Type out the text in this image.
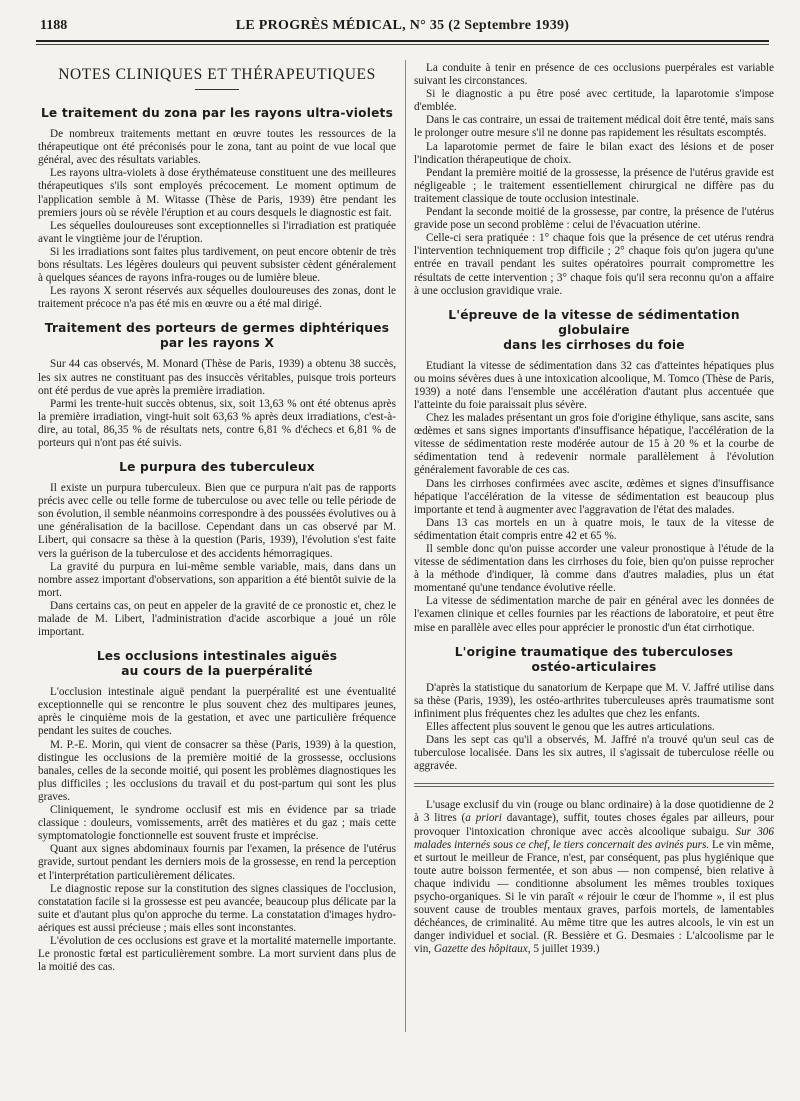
1188	LE PROGRÈS MÉDICAL, N° 35 (2 Septembre 1939)
NOTES CLINIQUES ET THÉRAPEUTIQUES
Le traitement du zona par les rayons ultra-violets

De nombreux traitements mettant en œuvre toutes les ressources de la thérapeutique ont été préconisés pour le zona, tant au point de vue local que général, avec des résultats variables.

Les rayons ultra-violets à dose érythémateuse constituent une des meilleures thérapeutiques s'ils sont employés précocement. Le moment optimum de l'application semble à M. Witasse (Thèse de Paris, 1939) être pendant les premiers jours où se révèle l'éruption et au cours desquels le diagnostic est fait.

Les séquelles douloureuses sont exceptionnelles si l'irradiation est pratiquée avant le vingtième jour de l'éruption.

Si les irradiations sont faites plus tardivement, on peut encore obtenir de très bons résultats. Les légères douleurs qui peuvent subsister cèdent généralement à quelques séances de rayons infra-rouges ou de lumière bleue.

Les rayons X seront réservés aux séquelles douloureuses des zonas, dont le traitement précoce n'a pas été mis en œuvre ou a été mal dirigé.

Traitement des porteurs de germes diphtériques
par les rayons X

Sur 44 cas observés, M. Monard (Thèse de Paris, 1939) a obtenu 38 succès, les six autres ne constituant pas des insuccès véritables, puisque trois porteurs ont été perdus de vue après la première irradiation.

Parmi les trente-huit succès obtenus, six, soit 13,63 % ont été obtenus après la première irradiation, vingt-huit soit 63,63 % après deux irradiations, c'est-à-dire, au total, 86,35 % de résultats nets, contre 6,81 % d'échecs et 6,81 % de porteurs qui n'ont pas été suivis.

Le purpura des tuberculeux

Il existe un purpura tuberculeux. Bien que ce purpura n'ait pas de rapports précis avec celle ou telle forme de tuberculose ou avec telle ou telle période de son évolution, il semble néanmoins correspondre à des poussées évolutives ou à une généralisation de la bacillose. Cependant dans un cas observé par M. Libert, qui consacre sa thèse à la question (Paris, 1939), l'évolution s'est faite vers la guérison de la tuberculose et des accidents hémorragiques.

La gravité du purpura en lui-même semble variable, mais, dans dans un nombre assez important d'observations, son apparition a été bientôt suivie de la mort.

Dans certains cas, on peut en appeler de la gravité de ce pronostic et, chez le malade de M. Libert, l'administration d'acide ascorbique a joué un rôle important.

Les occlusions intestinales aiguës
au cours de la puerpéralité

L'occlusion intestinale aiguë pendant la puerpéralité est une éventualité exceptionnelle qui se rencontre le plus souvent chez des multipares jeunes, après le cinquième mois de la gestation, et avec une particulière fréquence pendant les suites de couches.

M. P.-E. Morin, qui vient de consacrer sa thèse (Paris, 1939) à la question, distingue les occlusions de la première moitié de la grossesse, occlusions banales, celles de la seconde moitié, qui posent les problèmes diagnostiques les plus difficiles ; les occlusions du travail et du post-partum qui sont les plus graves.

Cliniquement, le syndrome occlusif est mis en évidence par sa triade classique : douleurs, vomissements, arrêt des matières et du gaz ; mais cette symptomatologie fonctionnelle est souvent fruste et imprécise.

Quant aux signes abdominaux fournis par l'examen, la présence de l'utérus gravide, surtout pendant les derniers mois de la grossesse, en rend la perception et l'interprétation particulièrement délicates.

Le diagnostic repose sur la constitution des signes classiques de l'occlusion, constatation facile si la grossesse est peu avancée, beaucoup plus délicate par la suite et d'autant plus qu'on approche du terme. La constatation d'images hydro-aériques est aussi précieuse ; mais elles sont inconstantes.

L'évolution de ces occlusions est grave et la mortalité maternelle importante. Le pronostic fœtal est particulièrement sombre. La mort survient dans plus de la moitié des cas.

La conduite à tenir en présence de ces occlusions puerpérales est variable suivant les circonstances.

Si le diagnostic a pu être posé avec certitude, la laparotomie s'impose d'emblée.

Dans le cas contraire, un essai de traitement médical doit être tenté, mais sans le prolonger outre mesure s'il ne donne pas rapidement les résultats escomptés.

La laparotomie permet de faire le bilan exact des lésions et de poser l'indication thérapeutique de choix.

Pendant la première moitié de la grossesse, la présence de l'utérus gravide est négligeable ; le traitement essentiellement chirurgical ne diffère pas du traitement classique de toute occlusion intestinale.

Pendant la seconde moitié de la grossesse, par contre, la présence de l'utérus gravide pose un second problème : celui de l'évacuation utérine.

Celle-ci sera pratiquée : 1° chaque fois que la présence de cet utérus rendra l'intervention techniquement trop difficile ; 2° chaque fois qu'on jugera qu'une entrée en travail pendant les suites opératoires pourrait compromettre les résultats de cette intervention ; 3° chaque fois qu'il sera reconnu qu'on a affaire à une occlusion gravidique vraie.

L'épreuve de la vitesse de sédimentation globulaire
dans les cirrhoses du foie

Etudiant la vitesse de sédimentation dans 32 cas d'atteintes hépatiques plus ou moins sévères dues à une intoxication alcoolique, M. Tomco (Thèse de Paris, 1939) a noté dans l'ensemble une accélération d'autant plus accentuée que l'atteinte du foie paraissait plus sévère.

Chez les malades présentant un gros foie d'origine éthylique, sans ascite, sans œdèmes et sans signes importants d'insuffisance hépatique, l'accélération de la vitesse de sédimentation reste modérée autour de 15 à 20 % et la courbe de sédimentation tend à redevenir normale parallèlement à l'évolution généralement favorable de ces cas.

Dans les cirrhoses confirmées avec ascite, œdèmes et signes d'insuffisance hépatique l'accélération de la vitesse de sédimentation est beaucoup plus importante et tend à augmenter avec l'aggravation de l'état des malades.

Dans 13 cas mortels en un à quatre mois, le taux de la vitesse de sédimentation était compris entre 42 et 65 %.

Il semble donc qu'on puisse accorder une valeur pronostique à l'étude de la vitesse de sédimentation dans les cirrhoses du foie, bien qu'on puisse reprocher à la méthode d'indiquer, là comme dans d'autres maladies, plus un état momentané qu'une tendance évolutive réelle.

La vitesse de sédimentation marche de pair en général avec les données de l'examen clinique et celles fournies par les réactions de laboratoire, et peut être mise en parallèle avec elles pour apprécier le pronostic d'un état cirrhotique.

L'origine traumatique des tuberculoses
ostéo-articulaires

D'après la statistique du sanatorium de Kerpape que M. V. Jaffré utilise dans sa thèse (Paris, 1939), les ostéo-arthrites tuberculeuses après traumatisme sont infiniment plus fréquentes chez les adultes que chez les enfants.

Elles affectent plus souvent le genou que les autres articulations.

Dans les sept cas qu'il a observés, M. Jaffré n'a trouvé qu'un seul cas de tuberculose localisée. Dans les six autres, il s'agissait de tuberculose réelle ou aggravée.

L'usage exclusif du vin (rouge ou blanc ordinaire) à la dose quotidienne de 2 à 3 litres (a priori davantage), suffit, toutes choses égales par ailleurs, pour provoquer l'intoxication chronique avec accès alcoolique subaigu. Sur 306 malades internés sous ce chef, le tiers concernait des avinés purs. Le vin même, et surtout le meilleur de France, n'est, par conséquent, pas plus hygiénique que toute autre boisson fermentée, et son abus — non compensé, bien relative à chaque individu — conditionne absolument les mêmes troubles toxiques psycho-organiques. Si le vin paraît « réjouir le cœur de l'homme », il est plus souvent cause de troubles mentaux graves, parfois mortels, de lamentables déchéances, de criminalité. Au même titre que les autres alcools, le vin est un danger individuel et social. (R. Bessière et G. Desmaies : L'alcoolisme par le vin, Gazette des hôpitaux, 5 juillet 1939.)
